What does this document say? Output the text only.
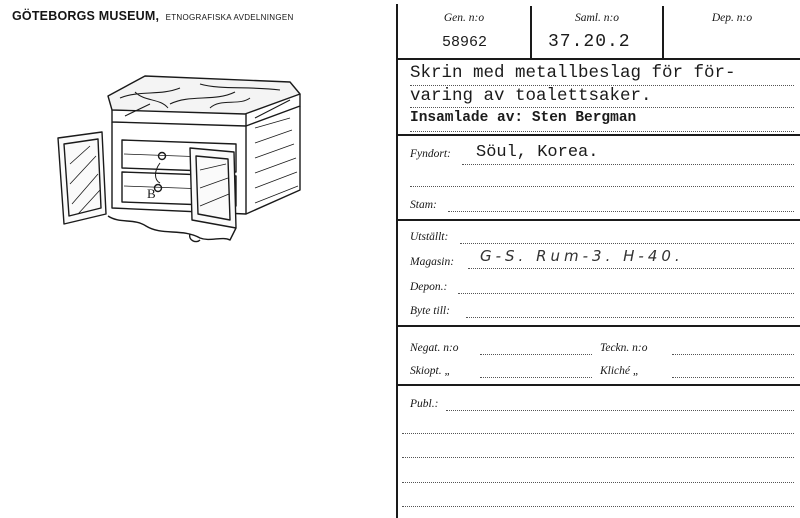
GÖTEBORGS MUSEUM, ETNOGRAFISKA AVDELNINGEN
B
Gen. n:o	Saml. n:o	Dep. n:o
58962	37.20.2
Skrin med metallbeslag för för-
varing av toalettsaker.
Insamlade av: Sten Bergman
Fyndort: Söul, Korea.
Stam:
Utställt:
Magasin: G-S. Rum-3. H-40.
Depon.:
Byte till:
Negat. n:o	Teckn. n:o
Skiopt. „	Kliché „
Publ.:
